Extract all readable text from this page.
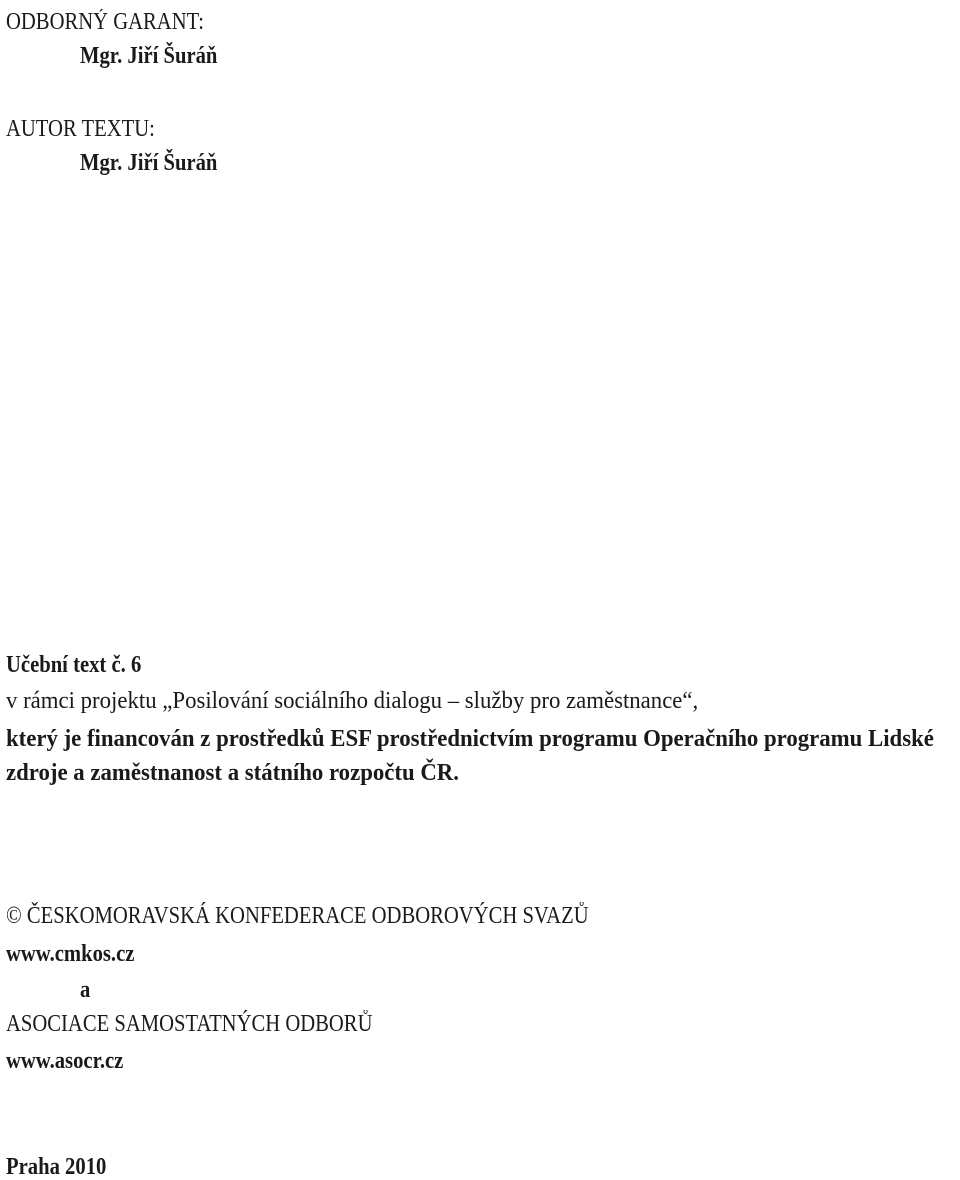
ODBORNÝ GARANT:
Mgr. Jiří Šuráň
AUTOR TEXTU:
Mgr. Jiří Šuráň
Učební text č. 6
v rámci projektu „Posilování sociálního dialogu – služby pro zaměstnance“,
který je financován z prostředků ESF prostřednictvím programu Operačního programu Lidské
zdroje a zaměstnanost a státního rozpočtu ČR.
© ČESKOMORAVSKÁ KONFEDERACE ODBOROVÝCH SVAZŮ
www.cmkos.cz
a
ASOCIACE SAMOSTATNÝCH ODBORŮ
www.asocr.cz
Praha 2010
